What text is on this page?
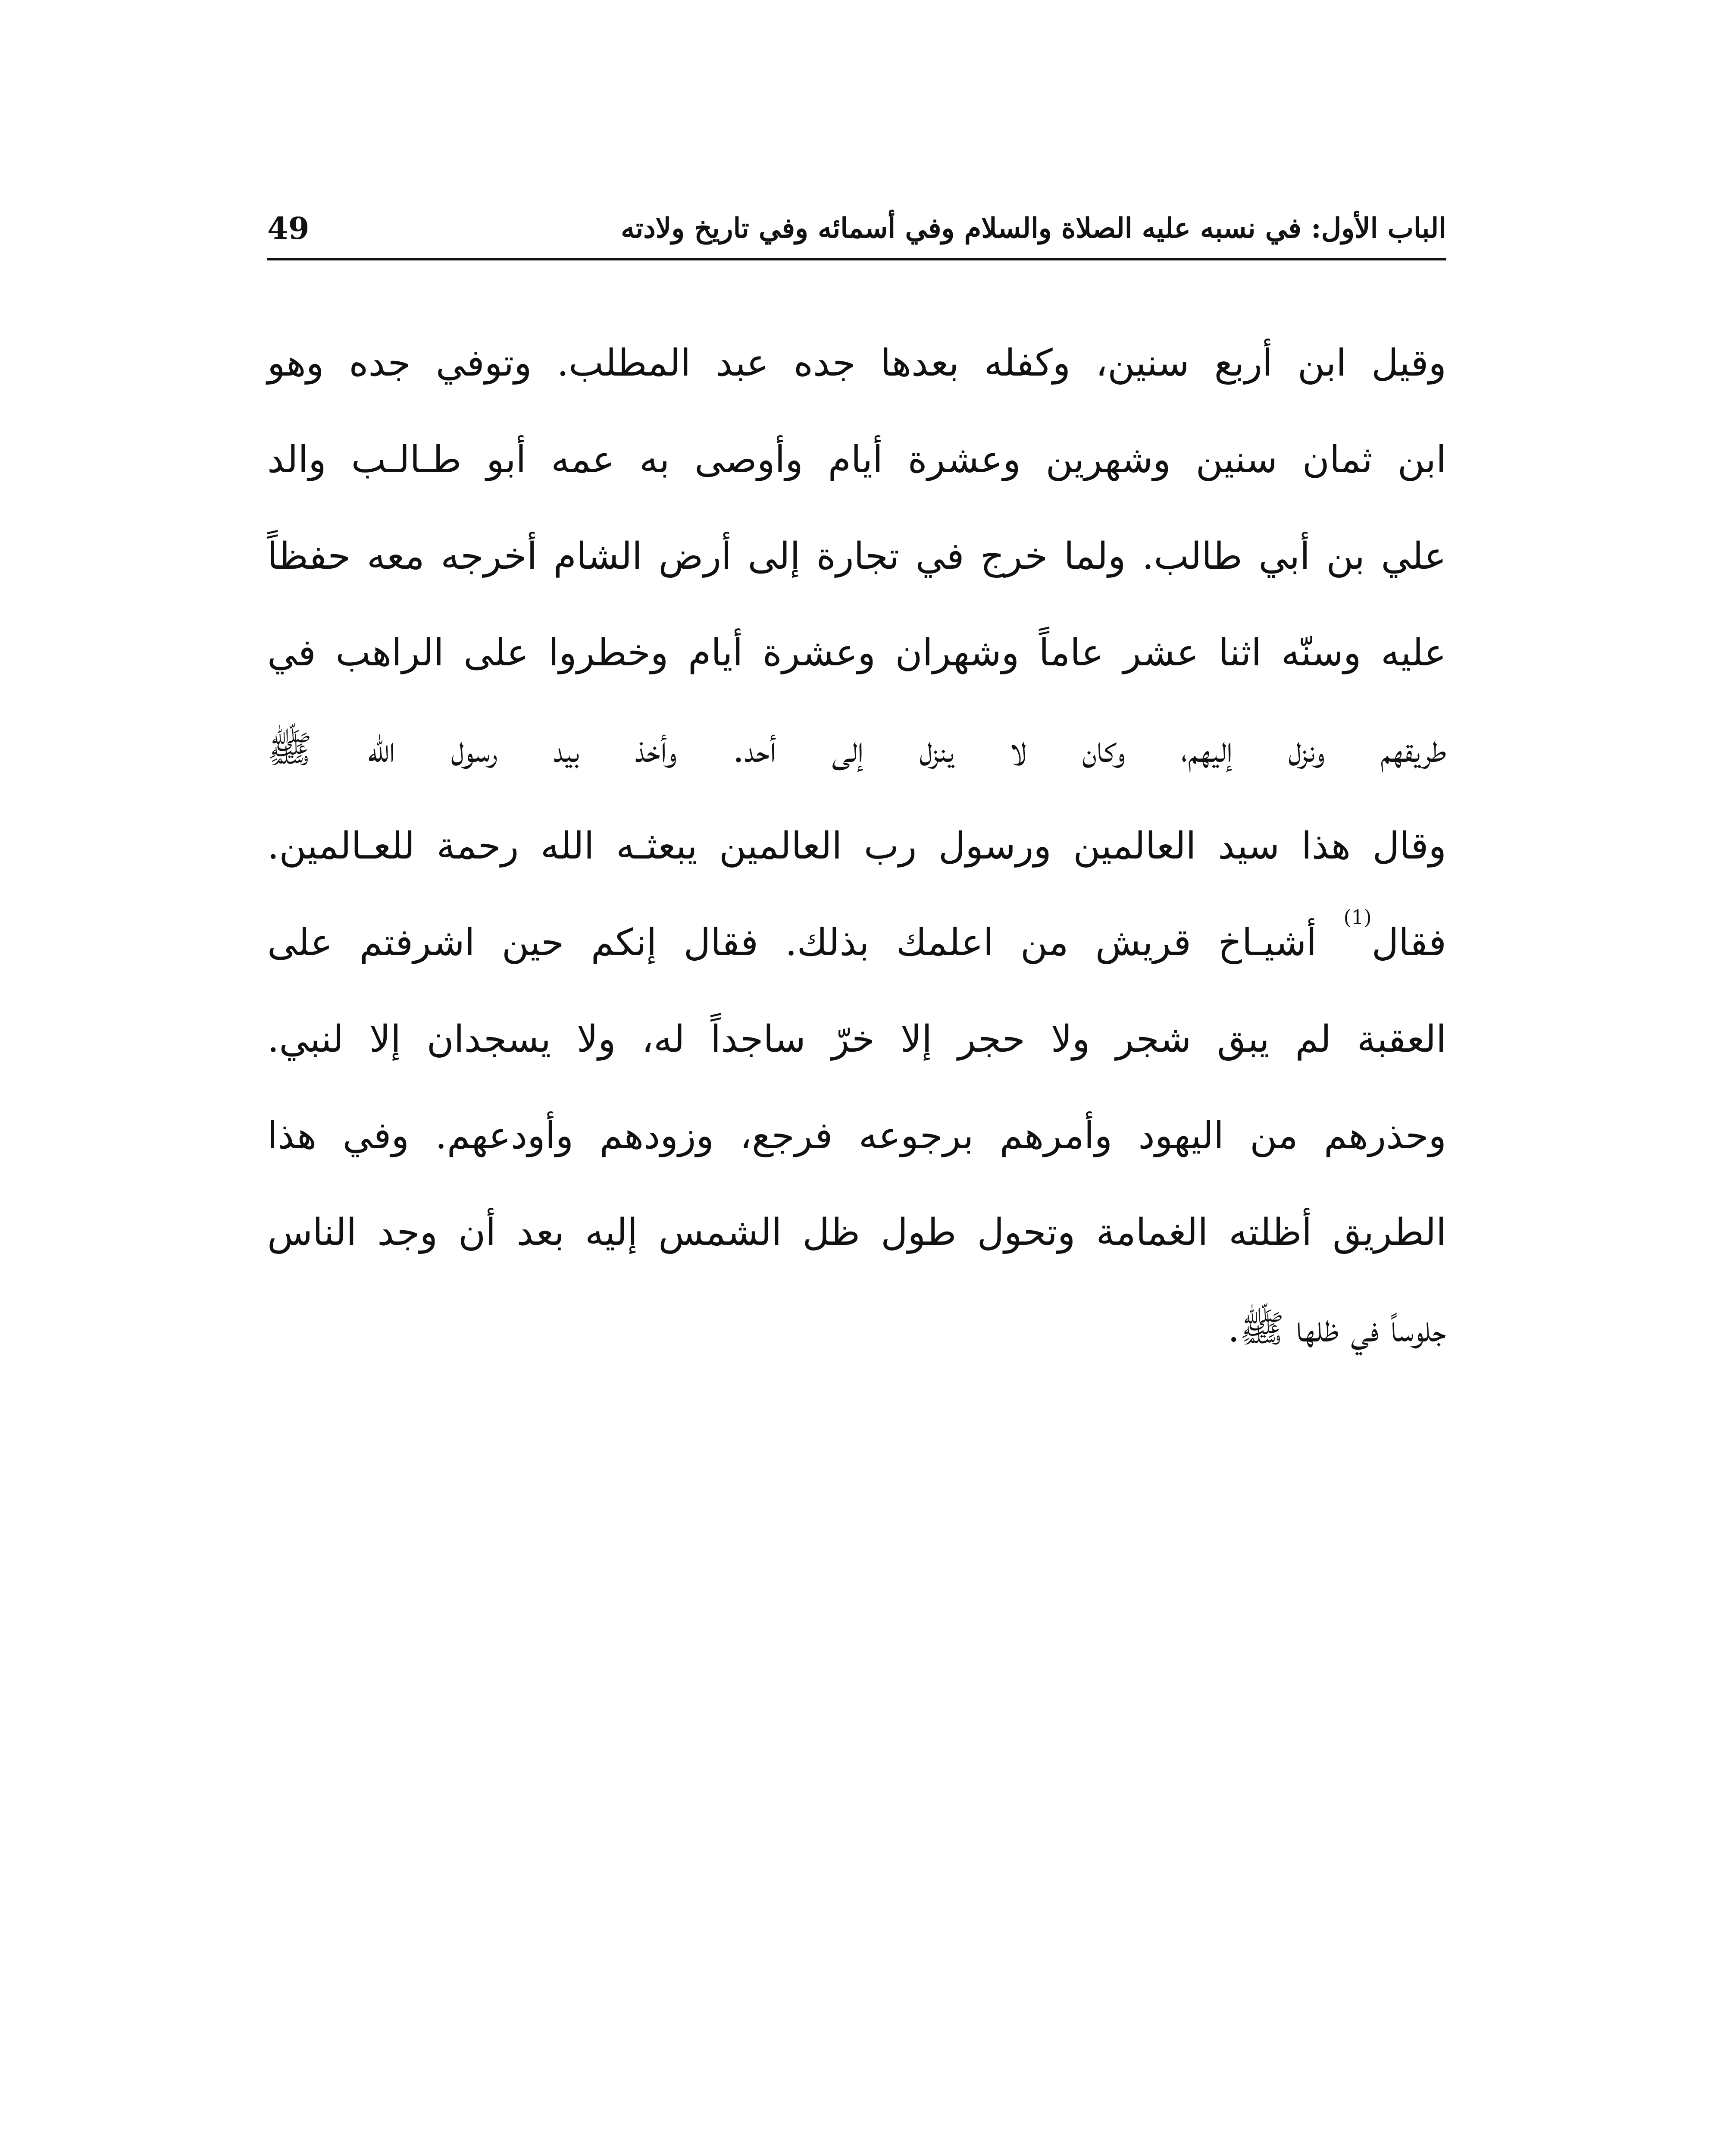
الباب الأول: في نسبه عليه الصلاة والسلام وفي أسمائه وفي تاريخ ولادته
49
وقيل ابن أربع سنين، وكفله بعدها جده عبد المطلب. وتوفي جده وهو
ابن ثمان سنين وشهرين وعشرة أيام وأوصى به عمه أبو طـالـب والد
علي بن أبي طالب. ولما خرج في تجارة إلى أرض الشام أخرجه معه حفظاً
عليه وسنّه اثنا عشر عاماً وشهران وعشرة أيام وخطروا على الراهب في
طريقهم ونزل إليهم، وكان لا ينزل إلى أحد. وأخذ بيد رسول الله ﷺ
وقال هذا سيد العالمين ورسول رب العالمين يبعثـه الله رحمة للعـالمين.
فقال$^{(1)}$ أشيـاخ قريش من اعلمك بذلك. فقال إنكم حين اشرفتم على
العقبة لم يبق شجر ولا حجر إلا خرّ ساجداً له، ولا يسجدان إلا لنبي.
وحذرهم من اليهود وأمرهم برجوعه فرجع، وزودهم وأودعهم. وفي هذا
الطريق أظلته الغمامة وتحول طول ظل الشمس إليه بعد أن وجد الناس
جلوساً في ظلها ﷺ.
